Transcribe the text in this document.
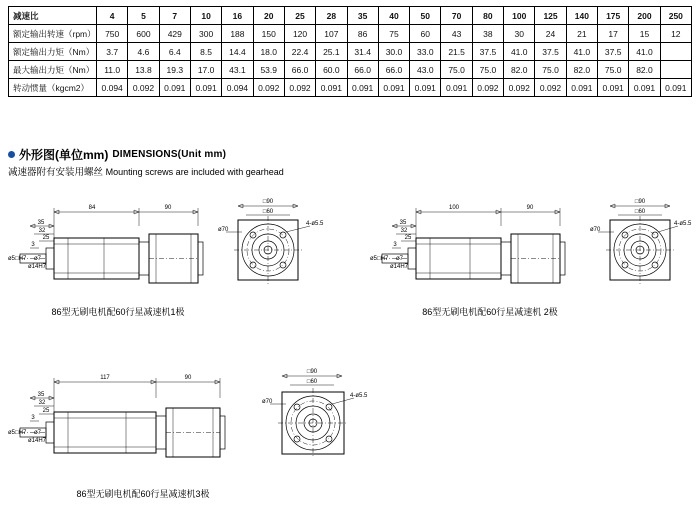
减速比	4	5	7	10	16	20	25	28	35	40	50	70	80	100	125	140	175	200	250
额定输出转速（rpm）	750	600	429	300	188	150	120	107	86	75	60	43	38	30	24	21	17	15	12
额定输出力矩（Nm）	3.7	4.6	6.4	8.5	14.4	18.0	22.4	25.1	31.4	30.0	33.0	21.5	37.5	41.0	37.5	41.0	37.5	41.0	
最大输出力矩（Nm）	11.0	13.8	19.3	17.0	43.1	53.9	66.0	60.0	66.0	66.0	43.0	75.0	75.0	82.0	75.0	82.0	75.0	82.0	
转动惯量（kgcm2）	0.094	0.092	0.091	0.091	0.094	0.092	0.092	0.091	0.091	0.091	0.091	0.091	0.092	0.092	0.092	0.091	0.091	0.091	0.091
外形图(单位mm) DIMENSIONS(Unit mm)
减速器附有安装用螺丝 Mounting screws are included with gearhead
84	90
35
32
25
3
ø5□H7 ø7
ø14H7
□90
□60
ø70
4-ø5.5
86型无刷电机配60行星减速机1极
100	90
35
32
25
3
ø5□H7 ø7
ø14H7
□90
□60
ø70
4-ø5.5
86型无刷电机配60行星减速机 2极
117	90
35
32
25
3
ø5□H7 ø7
ø14H7
□90
□60
ø70
4-ø5.5
86型无刷电机配60行星减速机3极
